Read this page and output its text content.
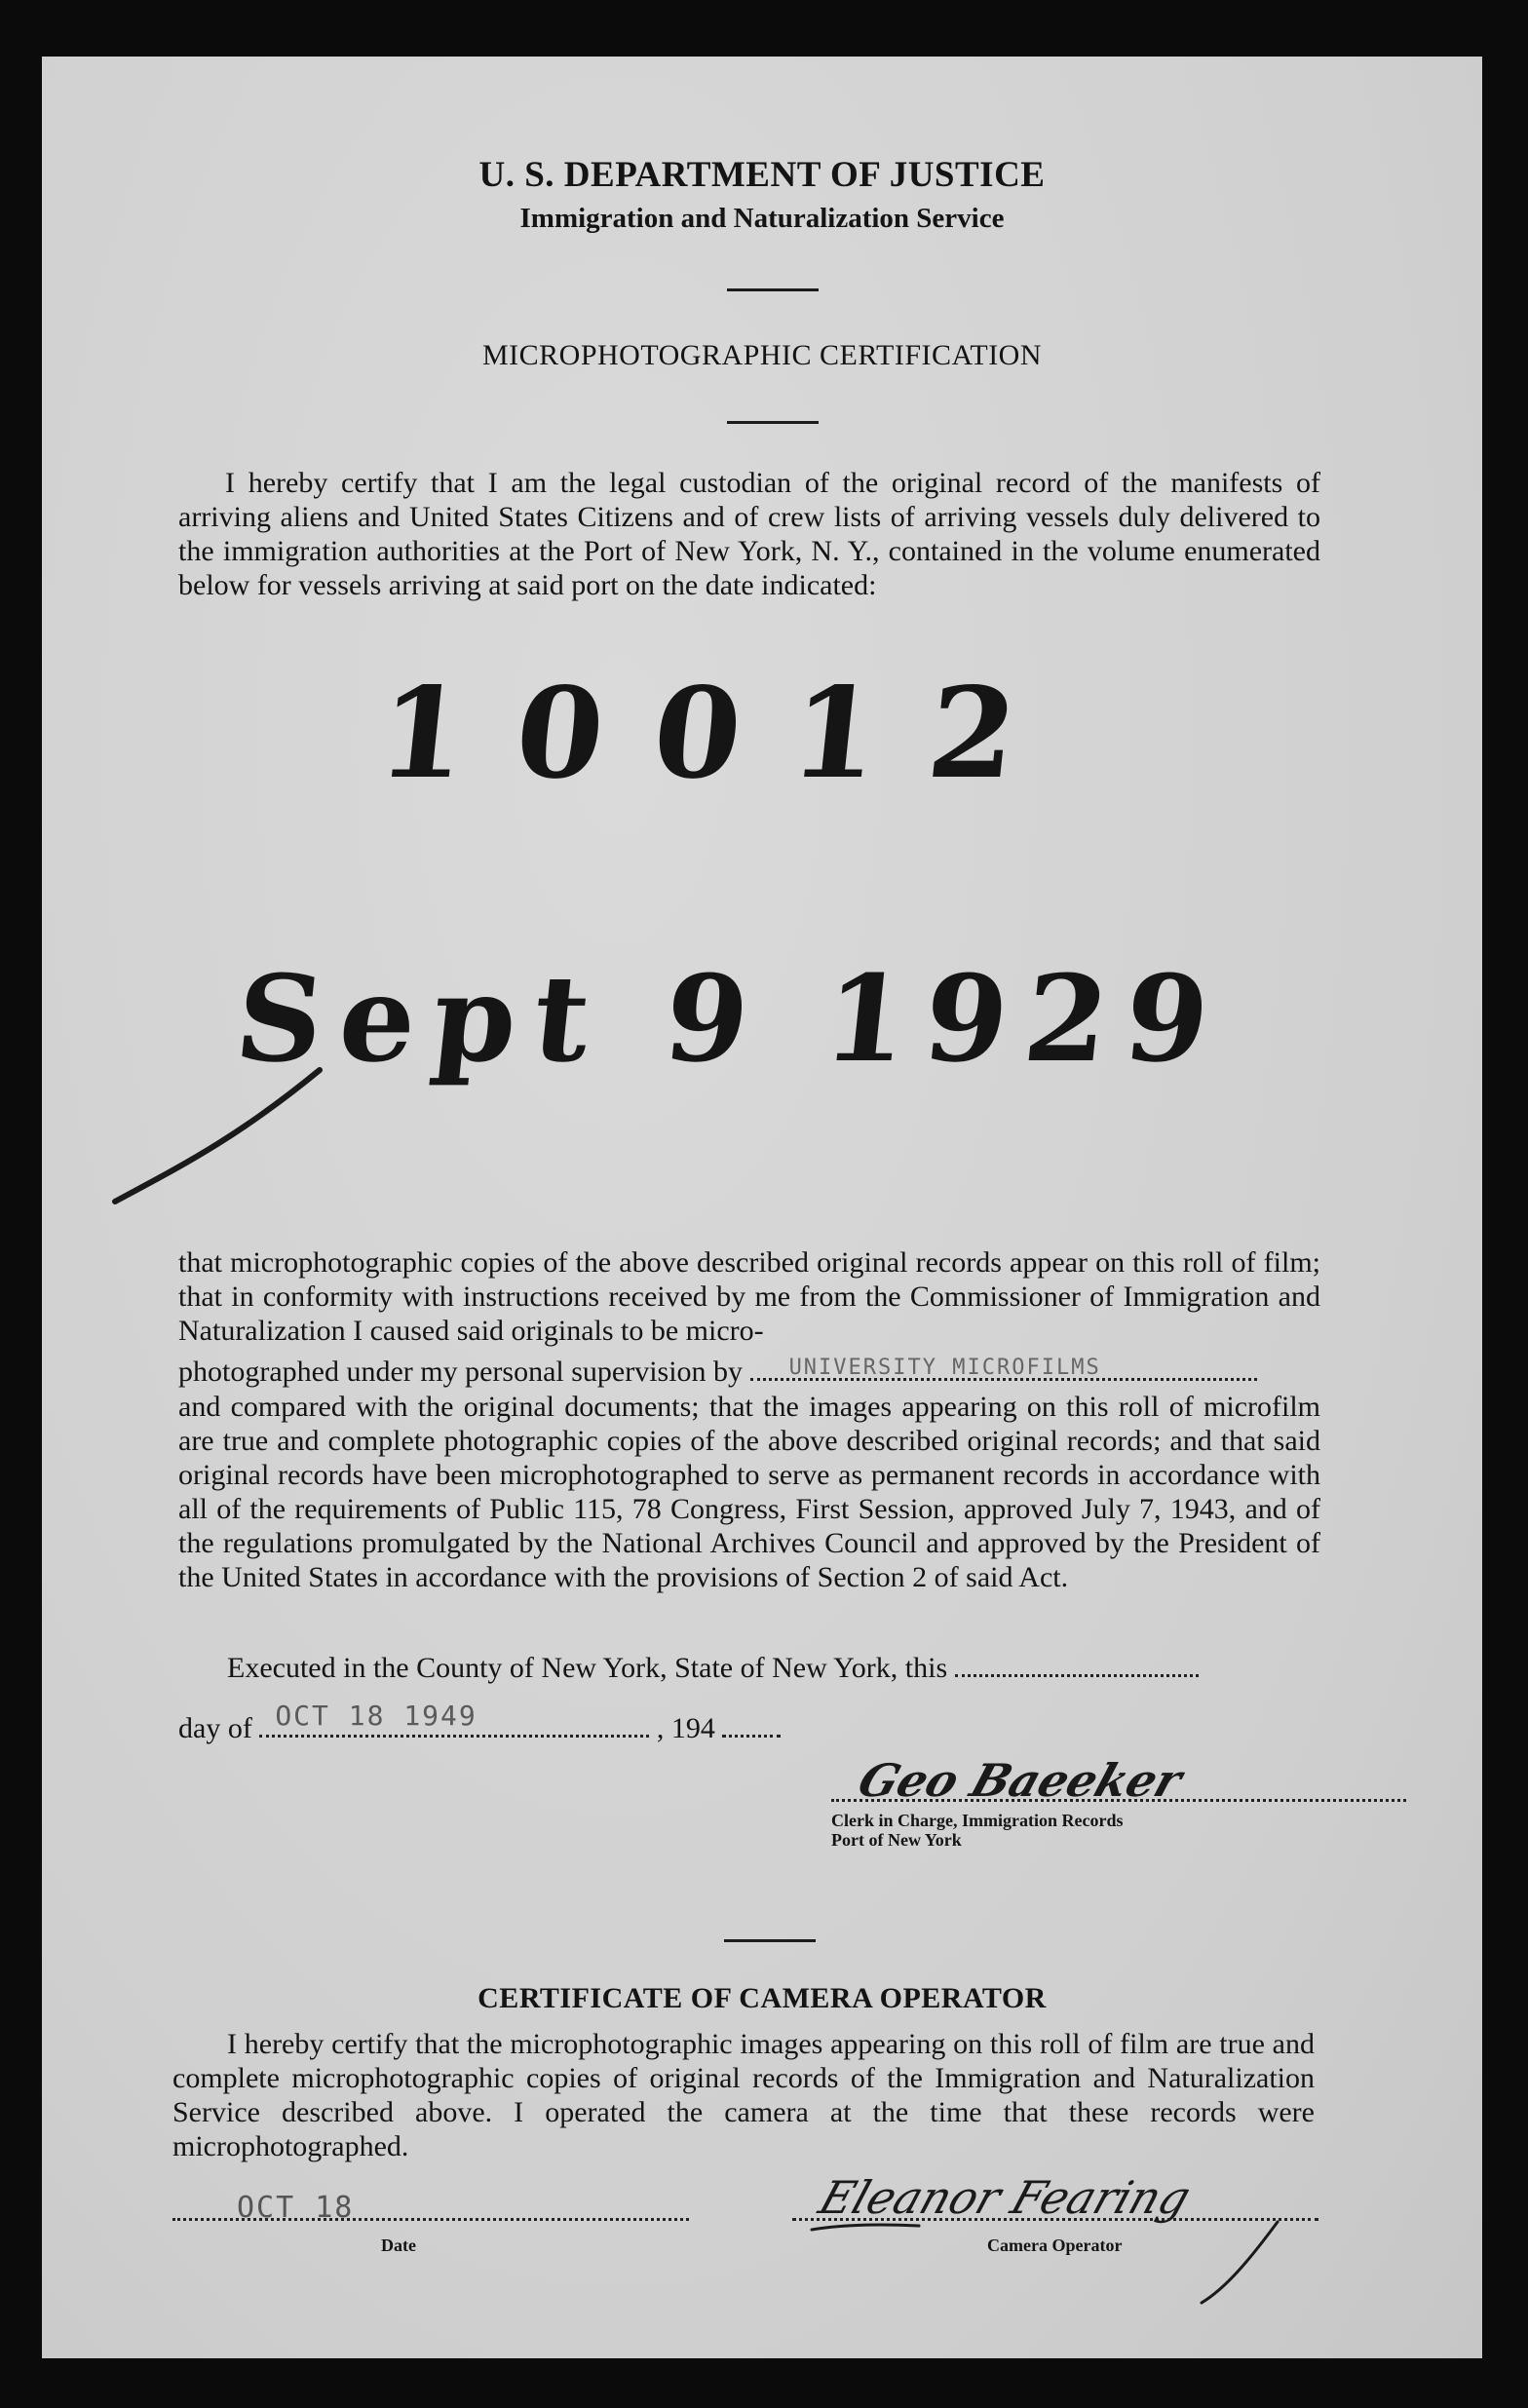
U. S. DEPARTMENT OF JUSTICE
Immigration and Naturalization Service
MICROPHOTOGRAPHIC CERTIFICATION
I hereby certify that I am the legal custodian of the original record of the manifests of arriving aliens and United States Citizens and of crew lists of arriving vessels duly delivered to the immigration authorities at the Port of New York, N. Y., contained in the volume enumerated below for vessels arriving at said port on the date indicated:
10012
Sept 9 1929
that microphotographic copies of the above described original records appear on this roll of film; that in conformity with instructions received by me from the Commissioner of Immigration and Naturalization I caused said originals to be micro-
photographed under my personal supervision by UNIVERSITY MICROFILMS
and compared with the original documents; that the images appearing on this roll of microfilm are true and complete photographic copies of the above described original records; and that said original records have been microphotographed to serve as permanent records in accordance with all of the requirements of Public 115, 78 Congress, First Session, approved July 7, 1943, and of the regulations promulgated by the National Archives Council and approved by the President of the United States in accordance with the provisions of Section 2 of said Act.
Executed in the County of New York, State of New York, this
day of OCT 18 1949	, 194
Geo Baeeker
Clerk in Charge, Immigration Records
Port of New York
CERTIFICATE OF CAMERA OPERATOR
I hereby certify that the microphotographic images appearing on this roll of film are true and complete microphotographic copies of original records of the Immigration and Naturalization Service described above. I operated the camera at the time that these records were microphotographed.
OCT 18
Date
Eleanor Fearing
Camera Operator
